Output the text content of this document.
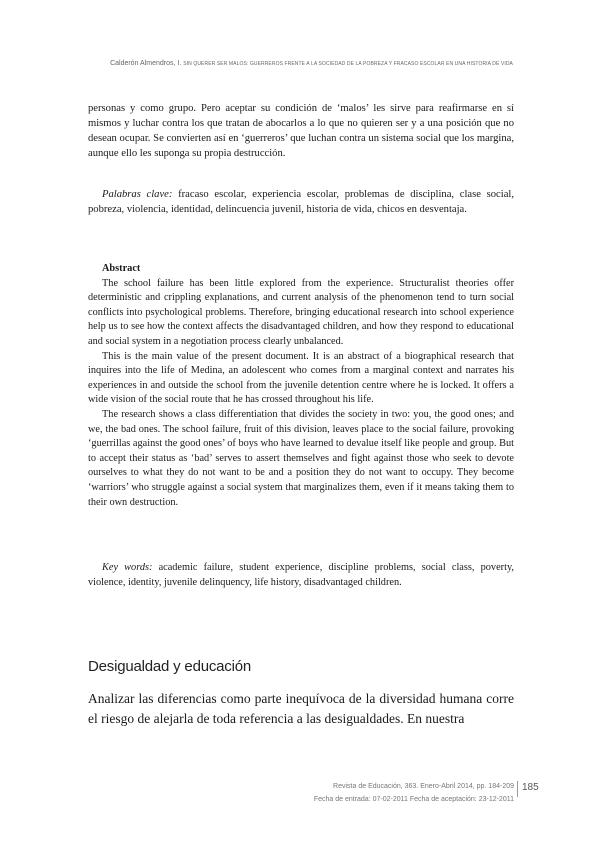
Calderón Almendros, I. SIN QUERER SER MALOS: GUERREROS FRENTE A LA SOCIEDAD DE LA POBREZA Y FRACASO ESCOLAR EN UNA HISTORIA DE VIDA

personas y como grupo. Pero aceptar su condición de ‘malos’ les sirve para reafirmarse en sí mismos y luchar contra los que tratan de abocarlos a lo que no quieren ser y a una posición que no desean ocupar. Se convierten así en ‘guerreros’ que luchan contra un sistema social que los margina, aunque ello les suponga su propia destrucción.

Palabras clave: fracaso escolar, experiencia escolar, problemas de disciplina, clase social, pobreza, violencia, identidad, delincuencia juvenil, historia de vida, chicos en desventaja.

Abstract

The school failure has been little explored from the experience. Structuralist theories offer deterministic and crippling explanations, and current analysis of the phenomenon tend to turn social conflicts into psychological problems. Therefore, bringing educational research into school experience help us to see how the context affects the disadvantaged children, and how they respond to educational and social system in a negotiation process clearly unbalanced.

This is the main value of the present document. It is an abstract of a biographical research that inquires into the life of Medina, an adolescent who comes from a marginal context and narrates his experiences in and outside the school from the juvenile detention centre where he is locked. It offers a wide vision of the social route that he has crossed throughout his life.

The research shows a class differentiation that divides the society in two: you, the good ones; and we, the bad ones. The school failure, fruit of this division, leaves place to the social failure, provoking ‘guerrillas against the good ones’ of boys who have learned to devalue itself like people and group. But to accept their status as ‘bad’ serves to assert themselves and fight against those who seek to devote ourselves to what they do not want to be and a position they do not want to occupy. They become ‘warriors’ who struggle against a social system that marginalizes them, even if it means taking them to their own destruction.

Key words: academic failure, student experience, discipline problems, social class, poverty, violence, identity, juvenile delinquency, life history, disadvantaged children.

Desigualdad y educación

Analizar las diferencias como parte inequívoca de la diversidad humana corre el riesgo de alejarla de toda referencia a las desigualdades. En nuestra

Revista de Educación, 363. Enero-Abril 2014, pp. 184-209
Fecha de entrada: 07-02-2011 Fecha de aceptación: 23-12-2011
185
